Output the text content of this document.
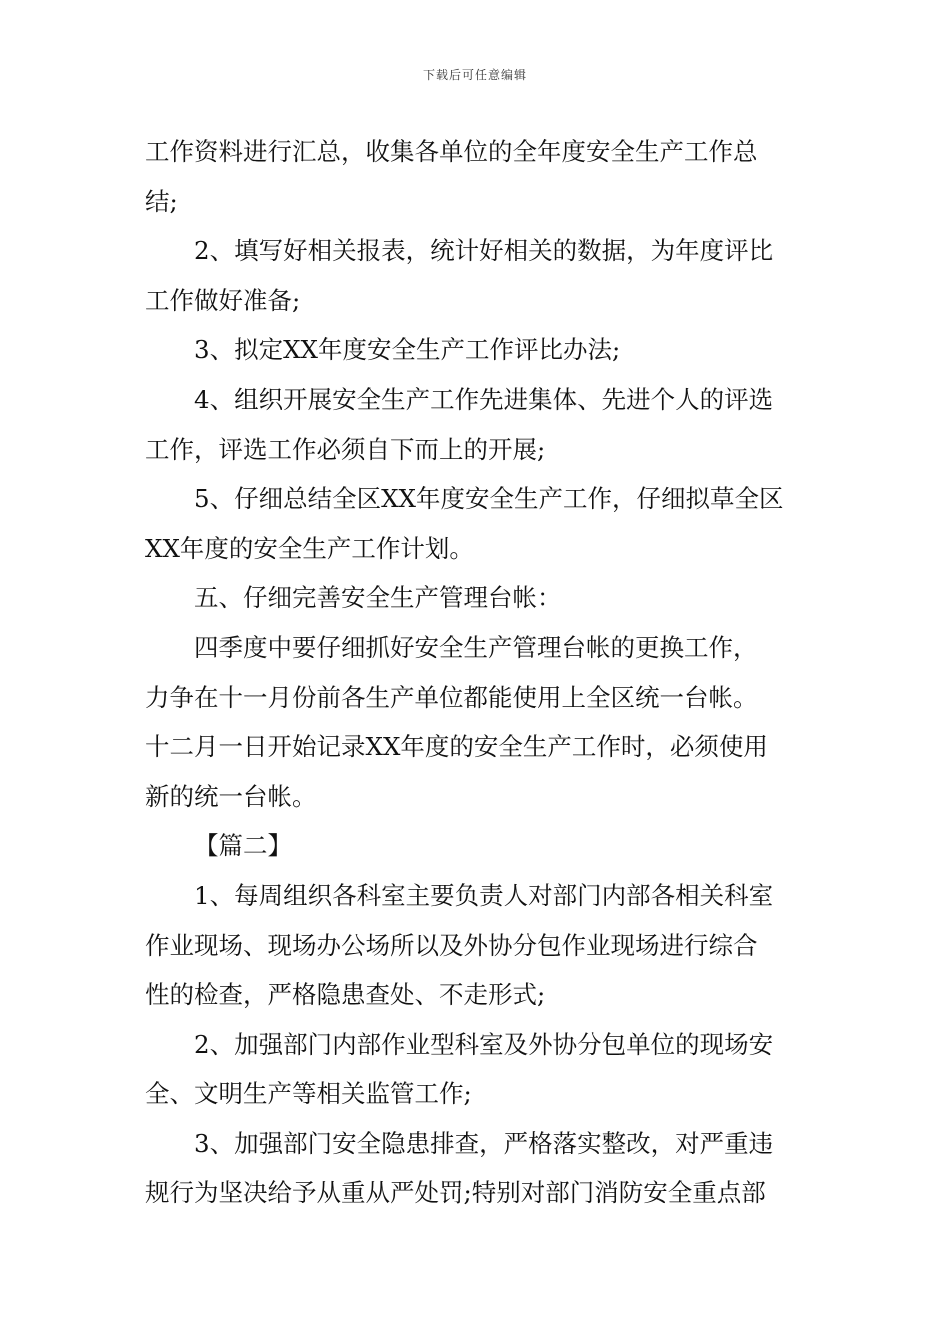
下载后可任意编辑
工作资料进行汇总，收集各单位的全年度安全生产工作总
结;
2、填写好相关报表，统计好相关的数据，为年度评比
工作做好准备;
3、拟定XX年度安全生产工作评比办法;
4、组织开展安全生产工作先进集体、先进个人的评选
工作，评选工作必须自下而上的开展;
5、仔细总结全区XX年度安全生产工作，仔细拟草全区
XX年度的安全生产工作计划。
五、仔细完善安全生产管理台帐：
四季度中要仔细抓好安全生产管理台帐的更换工作，
力争在十一月份前各生产单位都能使用上全区统一台帐。
十二月一日开始记录XX年度的安全生产工作时，必须使用
新的统一台帐。
【篇二】
1、每周组织各科室主要负责人对部门内部各相关科室
作业现场、现场办公场所以及外协分包作业现场进行综合
性的检查，严格隐患查处、不走形式;
2、加强部门内部作业型科室及外协分包单位的现场安
全、文明生产等相关监管工作;
3、加强部门安全隐患排查，严格落实整改，对严重违
规行为坚决给予从重从严处罚;特别对部门消防安全重点部
